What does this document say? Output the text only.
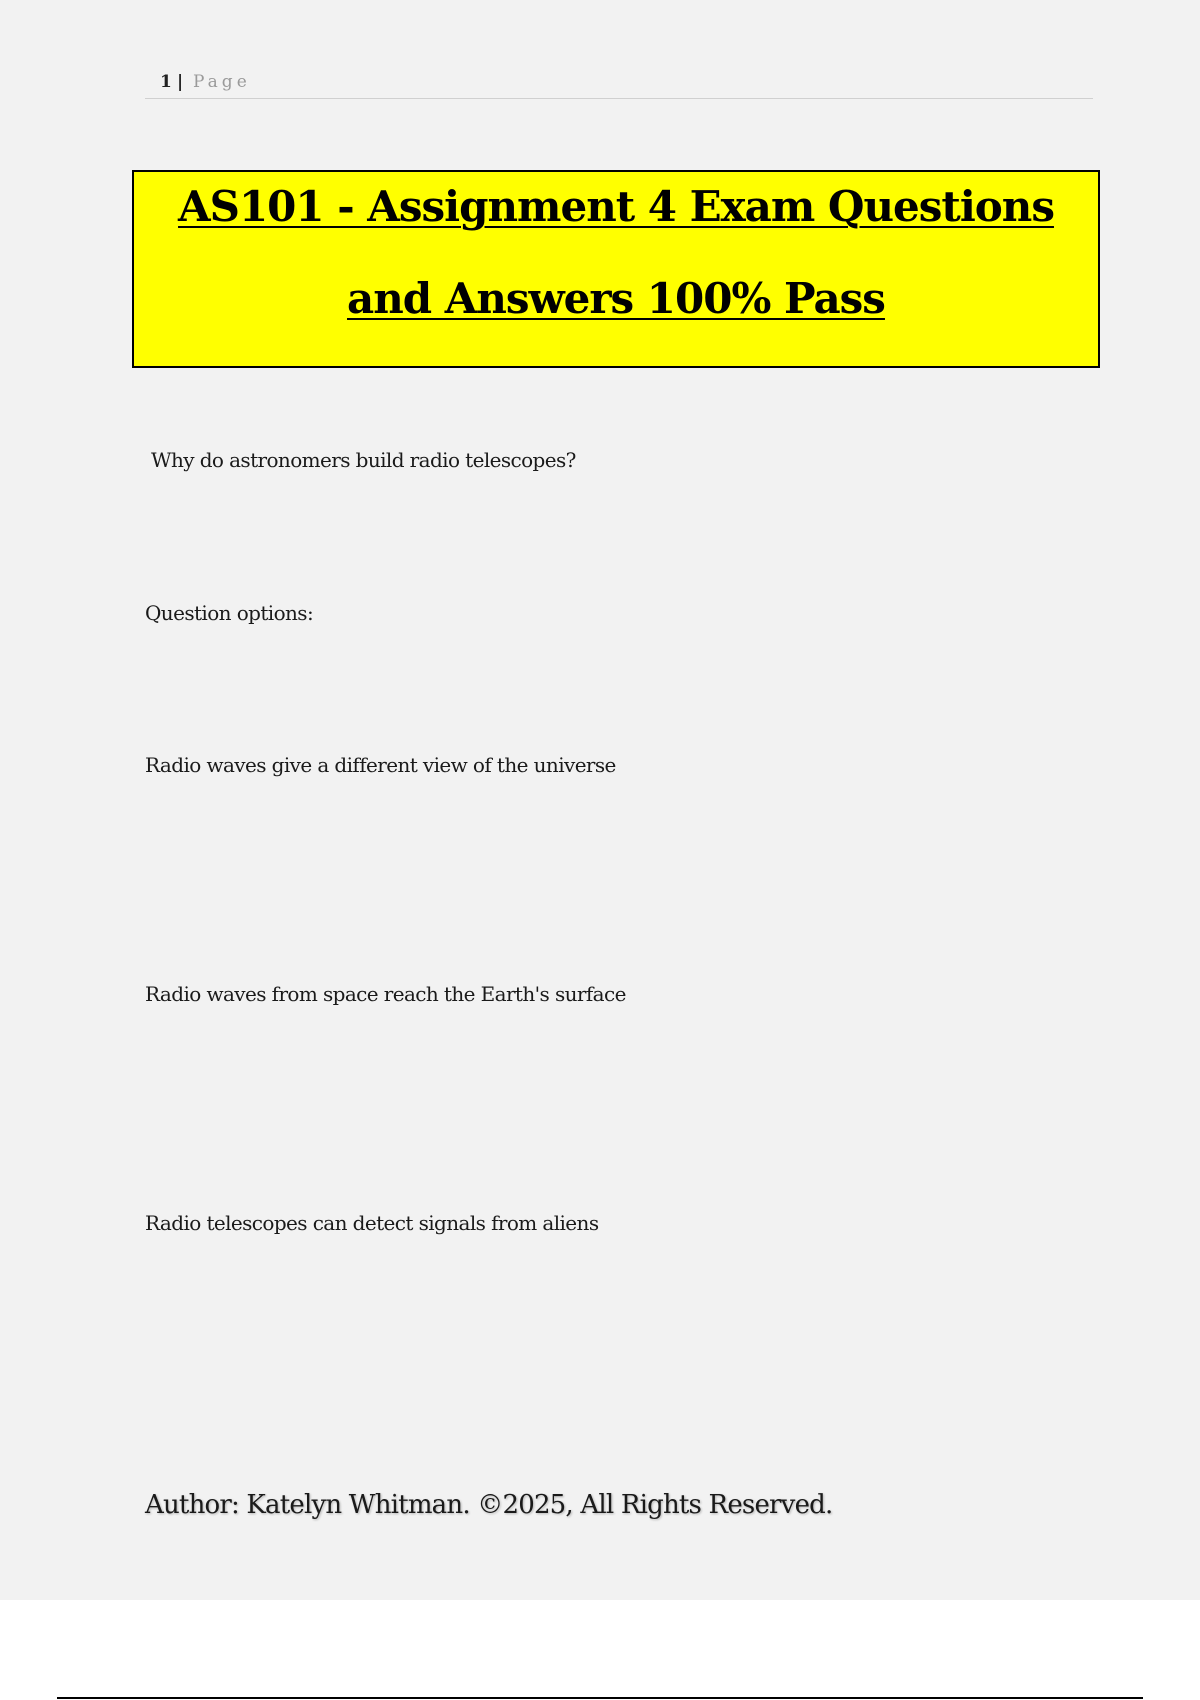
1 | Page
AS101 - Assignment 4 Exam Questions
and Answers 100% Pass
Why do astronomers build radio telescopes?
Question options:
Radio waves give a different view of the universe
Radio waves from space reach the Earth's surface
Radio telescopes can detect signals from aliens
Author: Katelyn Whitman. ©2025, All Rights Reserved.
